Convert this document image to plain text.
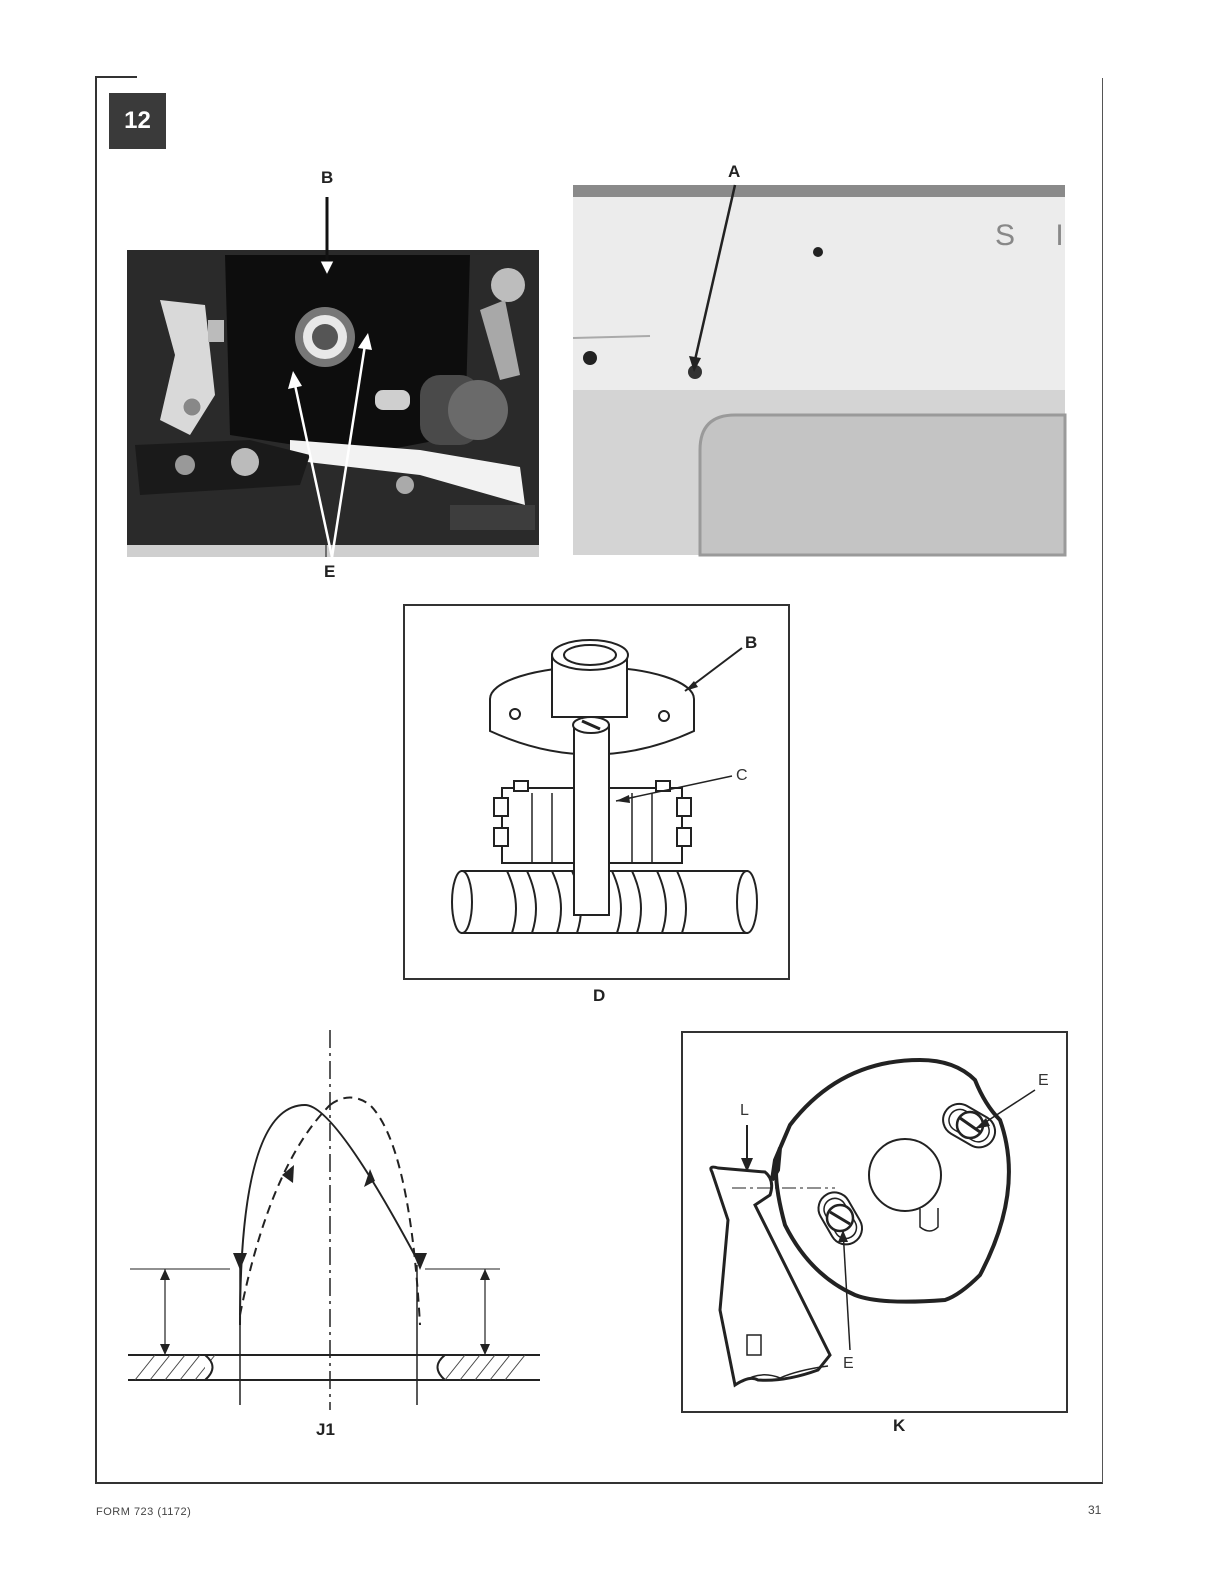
12
B
E
A
S I
B
C
D
J1
L
E
E
K
FORM 723 (1172)	31
